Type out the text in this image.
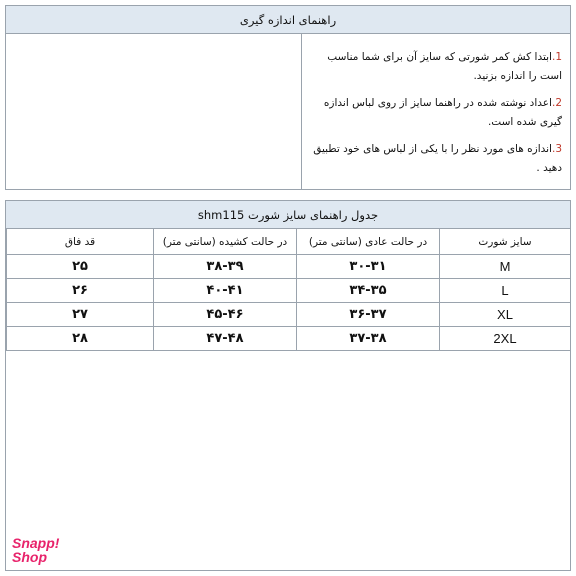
راهنمای اندازه گیری

1.ابتدا کش کمر شورتی که سایز آن برای شما مناسب است را اندازه بزنید.

2.اعداد نوشته شده در راهنما سایز از روی لباس اندازه گیری شده است.

3.اندازه های مورد نظر را با یکی از لباس های خود تطبیق دهید .

جدول راهنمای سایز شورت shm115
سایز شورت	در حالت عادی (سانتی متر)	در حالت کشیده (سانتی متر)	قد فاق
M	۳۰-۳۱	۳۸-۳۹	۲۵
L	۳۴-۳۵	۴۰-۴۱	۲۶
XL	۳۶-۳۷	۴۵-۴۶	۲۷
2XL	۳۷-۳۸	۴۷-۴۸	۲۸
Snapp!
Shop
